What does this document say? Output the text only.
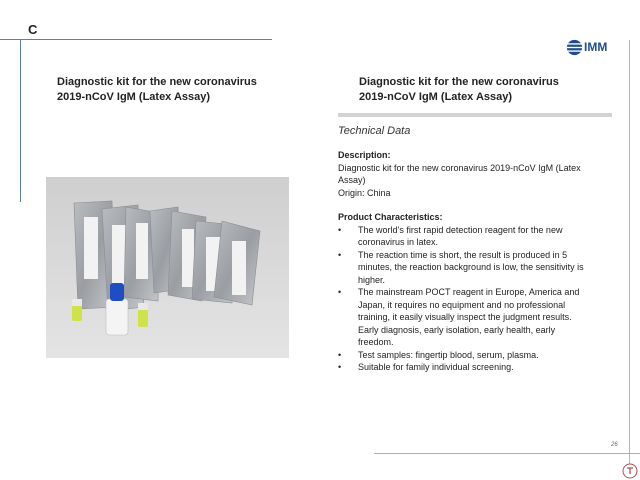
C
IMM
Diagnostic kit for the new coronavirus
2019-nCoV IgM (Latex Assay)
Diagnostic kit for the new coronavirus
2019-nCoV IgM (Latex Assay)
Technical Data
Description:
Diagnostic kit for the new coronavirus 2019-nCoV IgM (Latex
Assay)
Origin: China
Product Characteristics:
• The world’s first rapid detection reagent for the new
coronavirus in latex.
• The reaction time is short, the result is produced in 5
minutes, the reaction background is low, the sensitivity is
higher.
• The mainstream POCT reagent in Europe, America and
Japan, it requires no equipment and no professional
training, it easily visually inspect the judgment results.
Early diagnosis, early isolation, early health, early
freedom.
• Test samples: fingertip blood, serum, plasma.
• Suitable for family individual screening.
26
